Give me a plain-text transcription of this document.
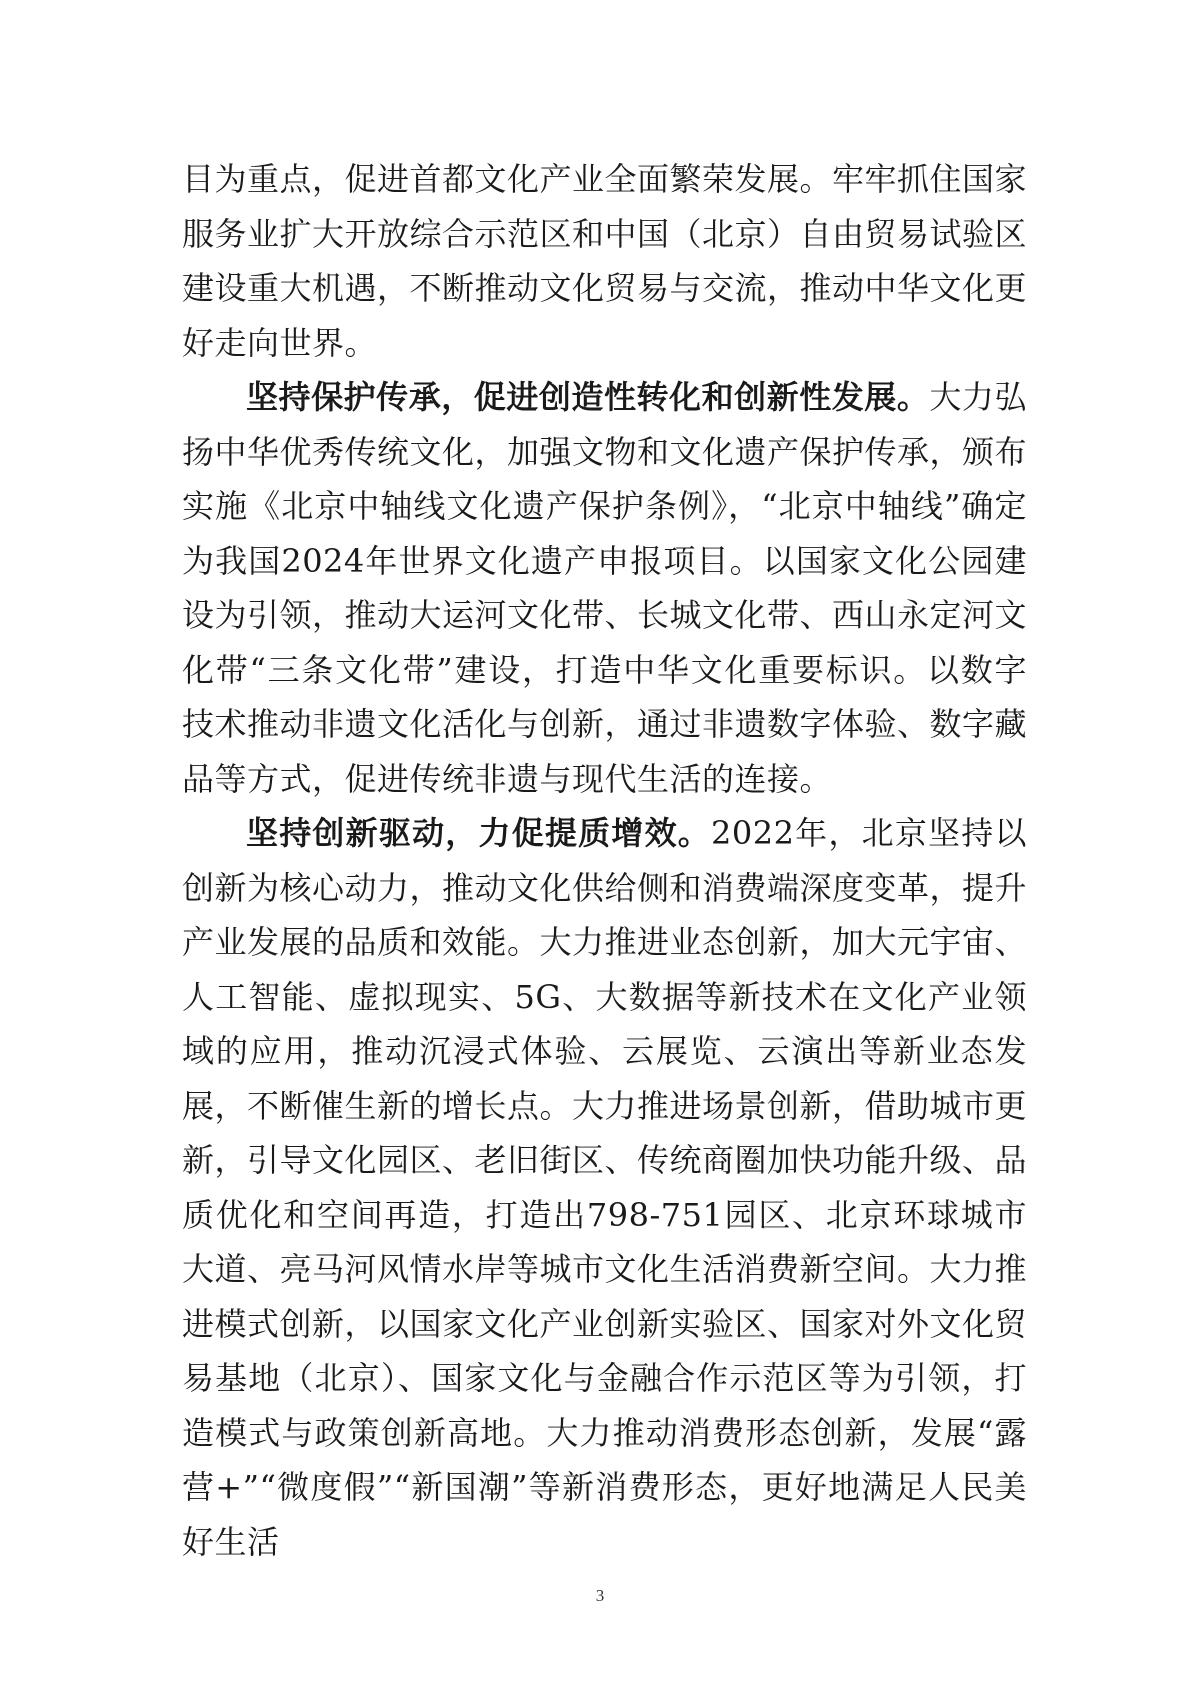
目为重点，促进首都文化产业全面繁荣发展。牢牢抓住国家服务业扩大开放综合示范区和中国（北京）自由贸易试验区建设重大机遇，不断推动文化贸易与交流，推动中华文化更好走向世界。

坚持保护传承，促进创造性转化和创新性发展。大力弘扬中华优秀传统文化，加强文物和文化遗产保护传承，颁布实施《北京中轴线文化遗产保护条例》，“北京中轴线”确定为我国2024年世界文化遗产申报项目。以国家文化公园建设为引领，推动大运河文化带、长城文化带、西山永定河文化带“三条文化带”建设，打造中华文化重要标识。以数字技术推动非遗文化活化与创新，通过非遗数字体验、数字藏品等方式，促进传统非遗与现代生活的连接。

坚持创新驱动，力促提质增效。2022年，北京坚持以创新为核心动力，推动文化供给侧和消费端深度变革，提升产业发展的品质和效能。大力推进业态创新，加大元宇宙、人工智能、虚拟现实、5G、大数据等新技术在文化产业领域的应用，推动沉浸式体验、云展览、云演出等新业态发展，不断催生新的增长点。大力推进场景创新，借助城市更新，引导文化园区、老旧街区、传统商圈加快功能升级、品质优化和空间再造，打造出798-751园区、北京环球城市大道、亮马河风情水岸等城市文化生活消费新空间。大力推进模式创新，以国家文化产业创新实验区、国家对外文化贸易基地（北京）、国家文化与金融合作示范区等为引领，打造模式与政策创新高地。大力推动消费形态创新，发展“露营+”“微度假”“新国潮”等新消费形态，更好地满足人民美好生活

3
